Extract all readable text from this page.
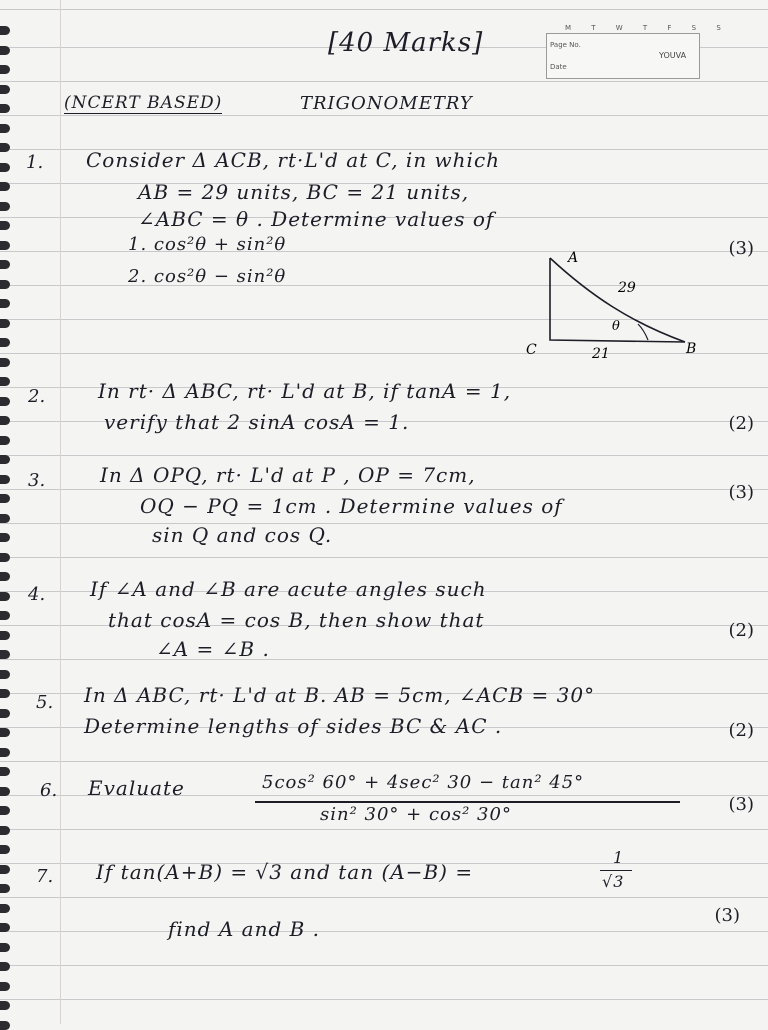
[40 Marks]	M T W T F S S
Page No.
Date
YOUVA
(NCERT BASED)	TRIGONOMETRY
1. Consider Δ ACB, rt·L'd at C, in which
AB = 29 units, BC = 21 units,
∠ABC = θ . Determine values of
1. cos²θ + sin²θ
2. cos²θ − sin²θ
(3)
A
29
θ
C	21	B
2.	In rt· Δ ABC, rt· L'd at B, if tanA = 1,
verify that 2 sinA cosA = 1.	(2)
3.	In Δ OPQ, rt· L'd at P , OP = 7cm,
OQ − PQ = 1cm . Determine values of
sin Q and cos Q.
(3)
4. If ∠A and ∠B are acute angles such
that cosA = cos B, then show that
∠A = ∠B .
(2)
5. In Δ ABC, rt· L'd at B. AB = 5cm, ∠ACB = 30°
Determine lengths of sides BC & AC .	(2)
6. Evaluate	5cos² 60° + 4sec² 30 − tan² 45°
sin² 30° + cos² 30°	(3)
7. If tan(A+B) = √3 and tan (A−B) =
1
√3
find A and B .
(3)
